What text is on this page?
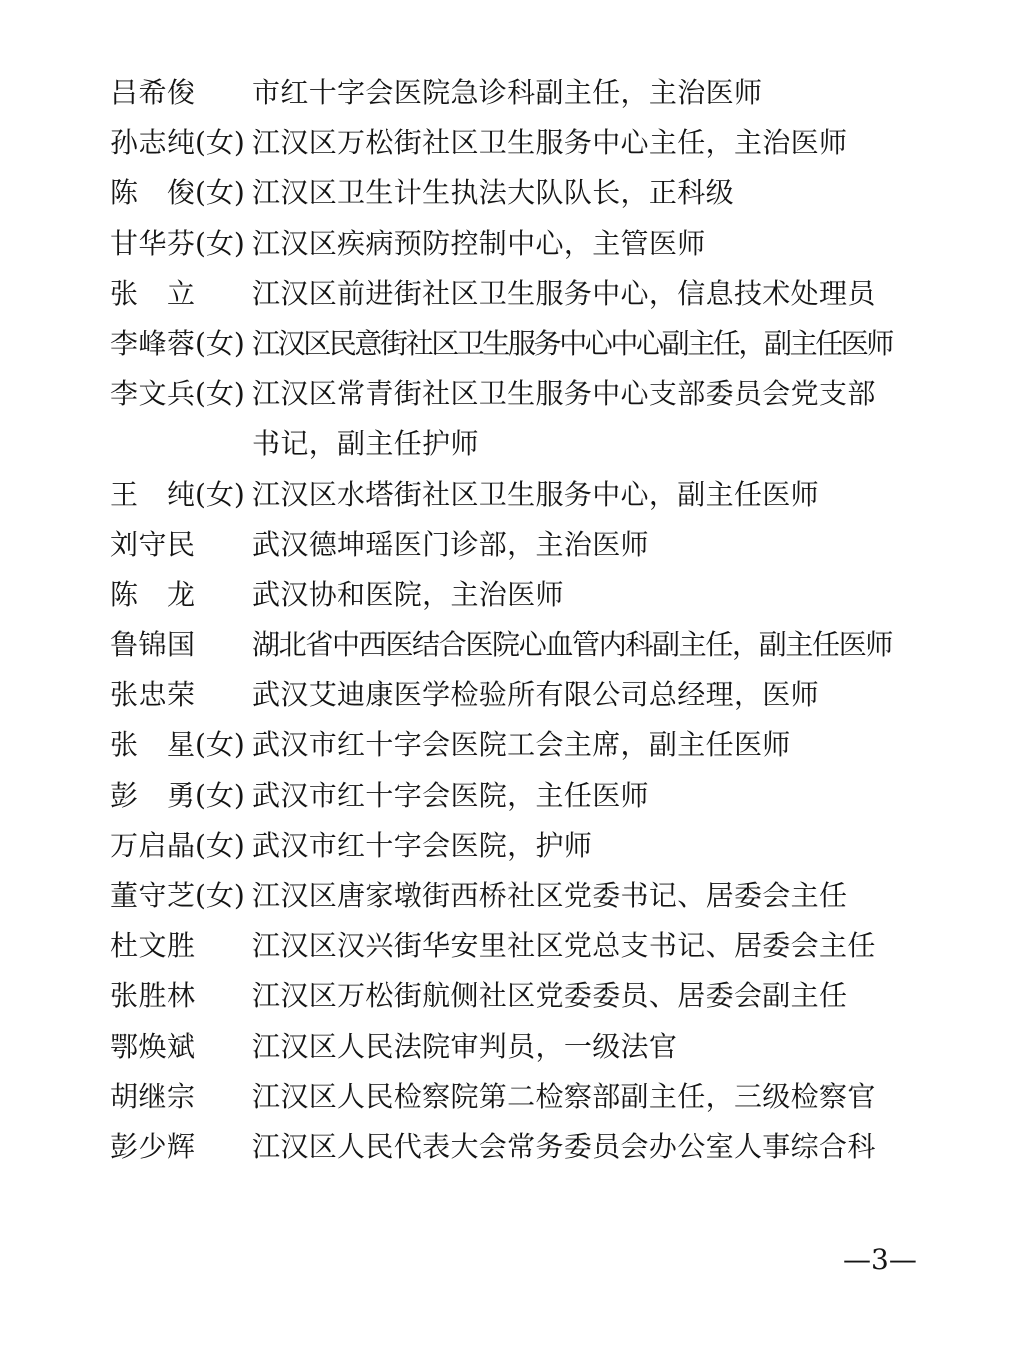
吕希俊 市红十字会医院急诊科副主任，主治医师
孙志纯 (女) 江汉区万松街社区卫生服务中心主任，主治医师
陈俊 (女) 江汉区卫生计生执法大队队长，正科级
甘华芬 (女) 江汉区疾病预防控制中心，主管医师
张立 江汉区前进街社区卫生服务中心，信息技术处理员
李峰蓉 (女) 江汉区民意街社区卫生服务中心中心副主任，副主任医师
李文兵 (女) 江汉区常青街社区卫生服务中心支部委员会党支部
书记，副主任护师
王纯 (女) 江汉区水塔街社区卫生服务中心，副主任医师
刘守民 武汉德坤瑶医门诊部，主治医师
陈龙 武汉协和医院，主治医师
鲁锦国 湖北省中西医结合医院心血管内科副主任，副主任医师
张忠荣 武汉艾迪康医学检验所有限公司总经理，医师
张星 (女) 武汉市红十字会医院工会主席，副主任医师
彭勇 (女) 武汉市红十字会医院，主任医师
万启晶 (女) 武汉市红十字会医院，护师
董守芝 (女) 江汉区唐家墩街西桥社区党委书记、居委会主任
杜文胜 江汉区汉兴街华安里社区党总支书记、居委会主任
张胜林 江汉区万松街航侧社区党委委员、居委会副主任
鄂焕斌 江汉区人民法院审判员，一级法官
胡继宗 江汉区人民检察院第二检察部副主任，三级检察官
彭少辉 江汉区人民代表大会常务委员会办公室人事综合科
—3—
